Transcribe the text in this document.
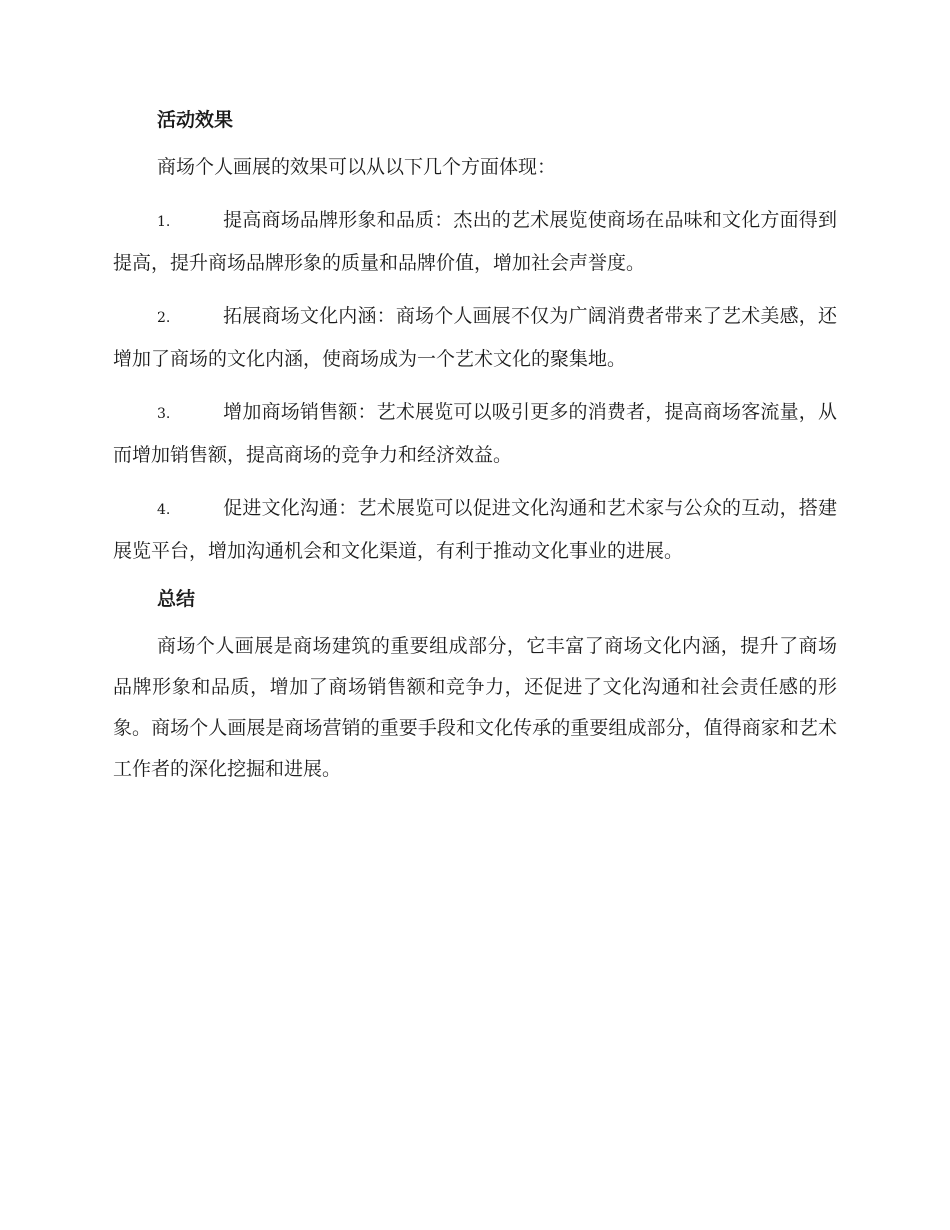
活动效果
商场个人画展的效果可以从以下几个方面体现：
1.	提高商场品牌形象和品质：杰出的艺术展览使商场在品味和文化方面得到提高，提升商场品牌形象的质量和品牌价值，增加社会声誉度。
2.	拓展商场文化内涵：商场个人画展不仅为广阔消费者带来了艺术美感，还增加了商场的文化内涵，使商场成为一个艺术文化的聚集地。
3.	增加商场销售额：艺术展览可以吸引更多的消费者，提高商场客流量，从而增加销售额，提高商场的竞争力和经济效益。
4.	促进文化沟通：艺术展览可以促进文化沟通和艺术家与公众的互动，搭建展览平台，增加沟通机会和文化渠道，有利于推动文化事业的进展。
总结
商场个人画展是商场建筑的重要组成部分，它丰富了商场文化内涵，提升了商场品牌形象和品质，增加了商场销售额和竞争力，还促进了文化沟通和社会责任感的形象。商场个人画展是商场营销的重要手段和文化传承的重要组成部分，值得商家和艺术工作者的深化挖掘和进展。
